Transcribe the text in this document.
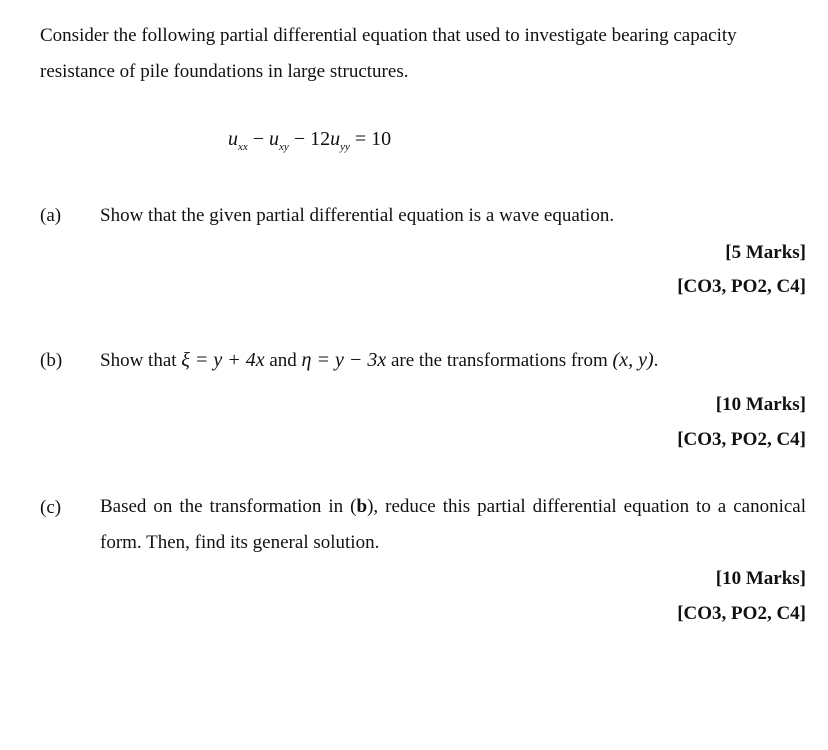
Consider the following partial differential equation that used to investigate bearing capacity resistance of pile foundations in large structures.
$u_{xx} - u_{xy} - 12u_{yy} = 10$
(a) Show that the given partial differential equation is a wave equation.
[5 Marks]
[CO3, PO2, C4]
(b) Show that ξ = y + 4x and η = y − 3x are the transformations from (x, y).
[10 Marks]
[CO3, PO2, C4]
(c) Based on the transformation in (b), reduce this partial differential equation to a canonical form. Then, find its general solution.
[10 Marks]
[CO3, PO2, C4]
